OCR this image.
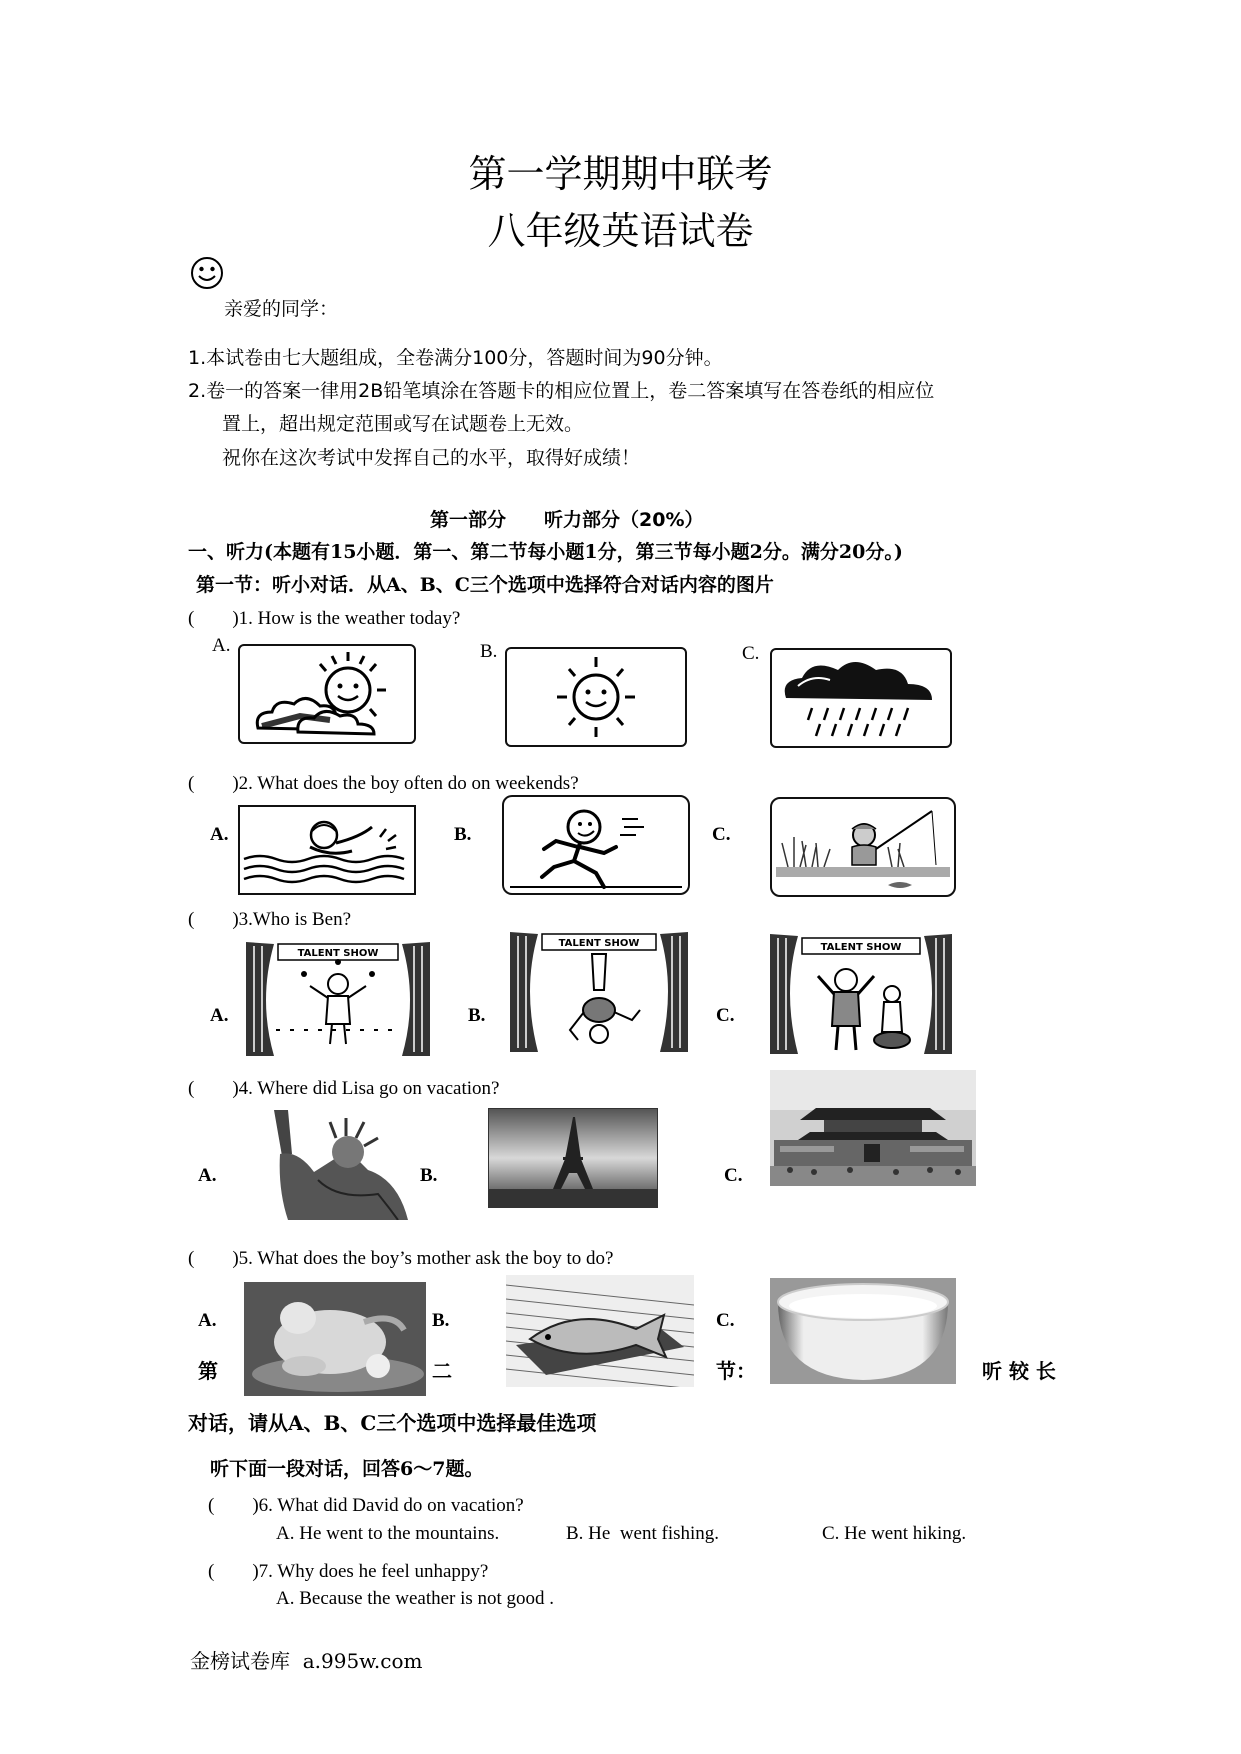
第一学期期中联考
八年级英语试卷
亲爱的同学：
1.本试卷由七大题组成，全卷满分100分，答题时间为90分钟。
2.卷一的答案一律用2B铅笔填涂在答题卡的相应位置上，卷二答案填写在答卷纸的相应位
置上，超出规定范围或写在试题卷上无效。
祝你在这次考试中发挥自己的水平，取得好成绩！
第一部分　　听力部分（20%）
一、听力(本题有15小题．第一、第二节每小题1分，第三节每小题2分。满分20分。)
第一节：听小对话．从A、B、C三个选项中选择符合对话内容的图片
(　　)1. How is the weather today?
A.	B.	C.
(　　)2. What does the boy often do on weekends?
A.	B.	C.
(　　)3.Who is Ben?
A.	B.	C.
TALENT SHOW
TALENT SHOW	TALENT SHOW
(　　)4. Where did Lisa go on vacation?
A.	B.	C.
(　　)5. What does the boy’s mother ask the boy to do?
A.	B.	C.
第	二	节：	听 较 长
对话，请从A、B、C三个选项中选择最佳选项
听下面一段对话，回答6～7题。
(　　)6. What did David do on vacation?
A. He went to the mountains.	B. He  went fishing.	C. He went hiking.
(　　)7. Why does he feel unhappy?
A. Because the weather is not good .
金榜试卷库  a.995w.com
